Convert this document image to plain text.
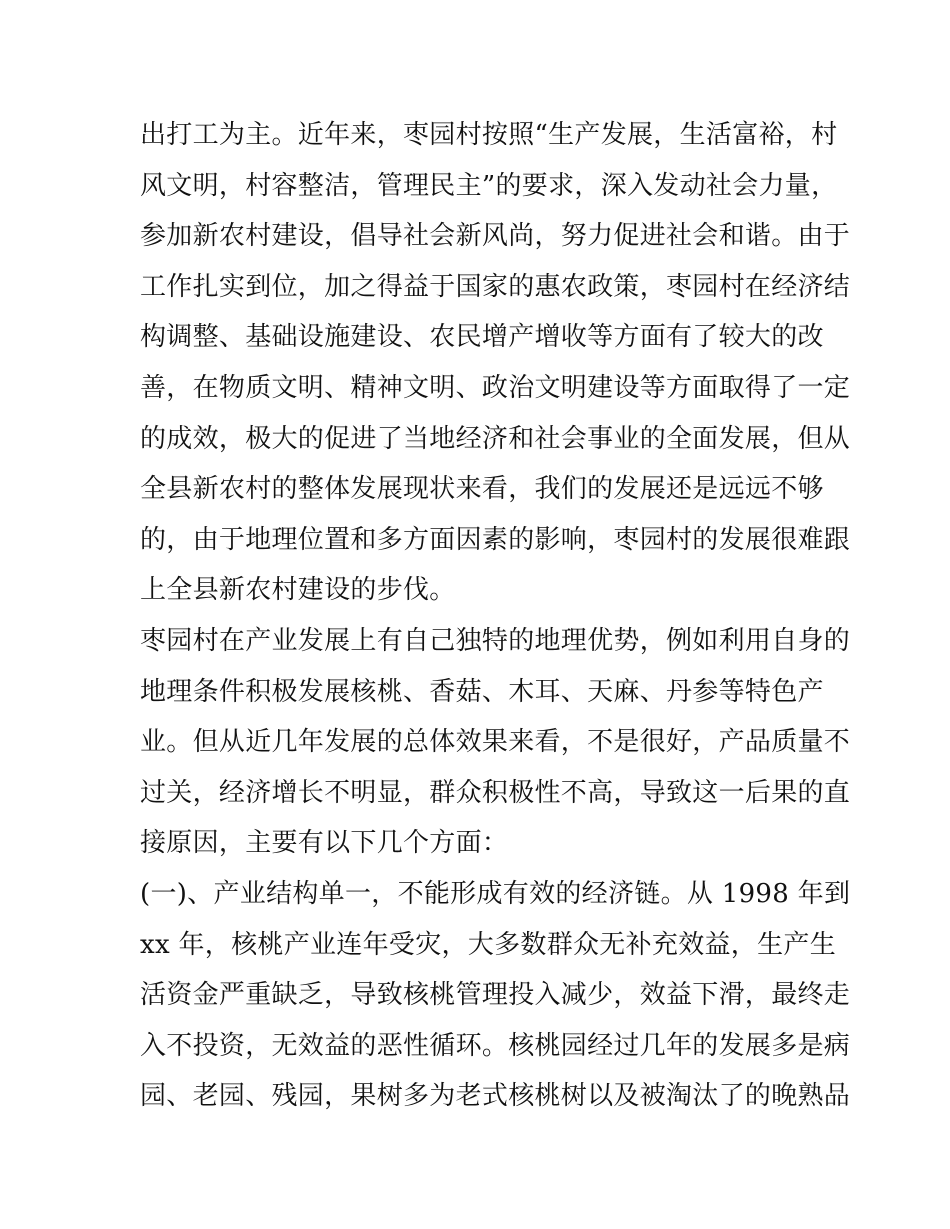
出打工为主。近年来，枣园村按照“生产发展，生活富裕，村
风文明，村容整洁，管理民主”的要求，深入发动社会力量，
参加新农村建设，倡导社会新风尚，努力促进社会和谐。由于
工作扎实到位，加之得益于国家的惠农政策，枣园村在经济结
构调整、基础设施建设、农民增产增收等方面有了较大的改
善，在物质文明、精神文明、政治文明建设等方面取得了一定
的成效，极大的促进了当地经济和社会事业的全面发展，但从
全县新农村的整体发展现状来看，我们的发展还是远远不够
的，由于地理位置和多方面因素的影响，枣园村的发展很难跟
上全县新农村建设的步伐。
枣园村在产业发展上有自己独特的地理优势，例如利用自身的
地理条件积极发展核桃、香菇、木耳、天麻、丹参等特色产
业。但从近几年发展的总体效果来看，不是很好，产品质量不
过关，经济增长不明显，群众积极性不高，导致这一后果的直
接原因，主要有以下几个方面：
(一)、产业结构单一，不能形成有效的经济链。从 1998 年到
xx 年，核桃产业连年受灾，大多数群众无补充效益，生产生
活资金严重缺乏，导致核桃管理投入减少，效益下滑，最终走
入不投资，无效益的恶性循环。核桃园经过几年的发展多是病
园、老园、残园，果树多为老式核桃树以及被淘汰了的晚熟品
